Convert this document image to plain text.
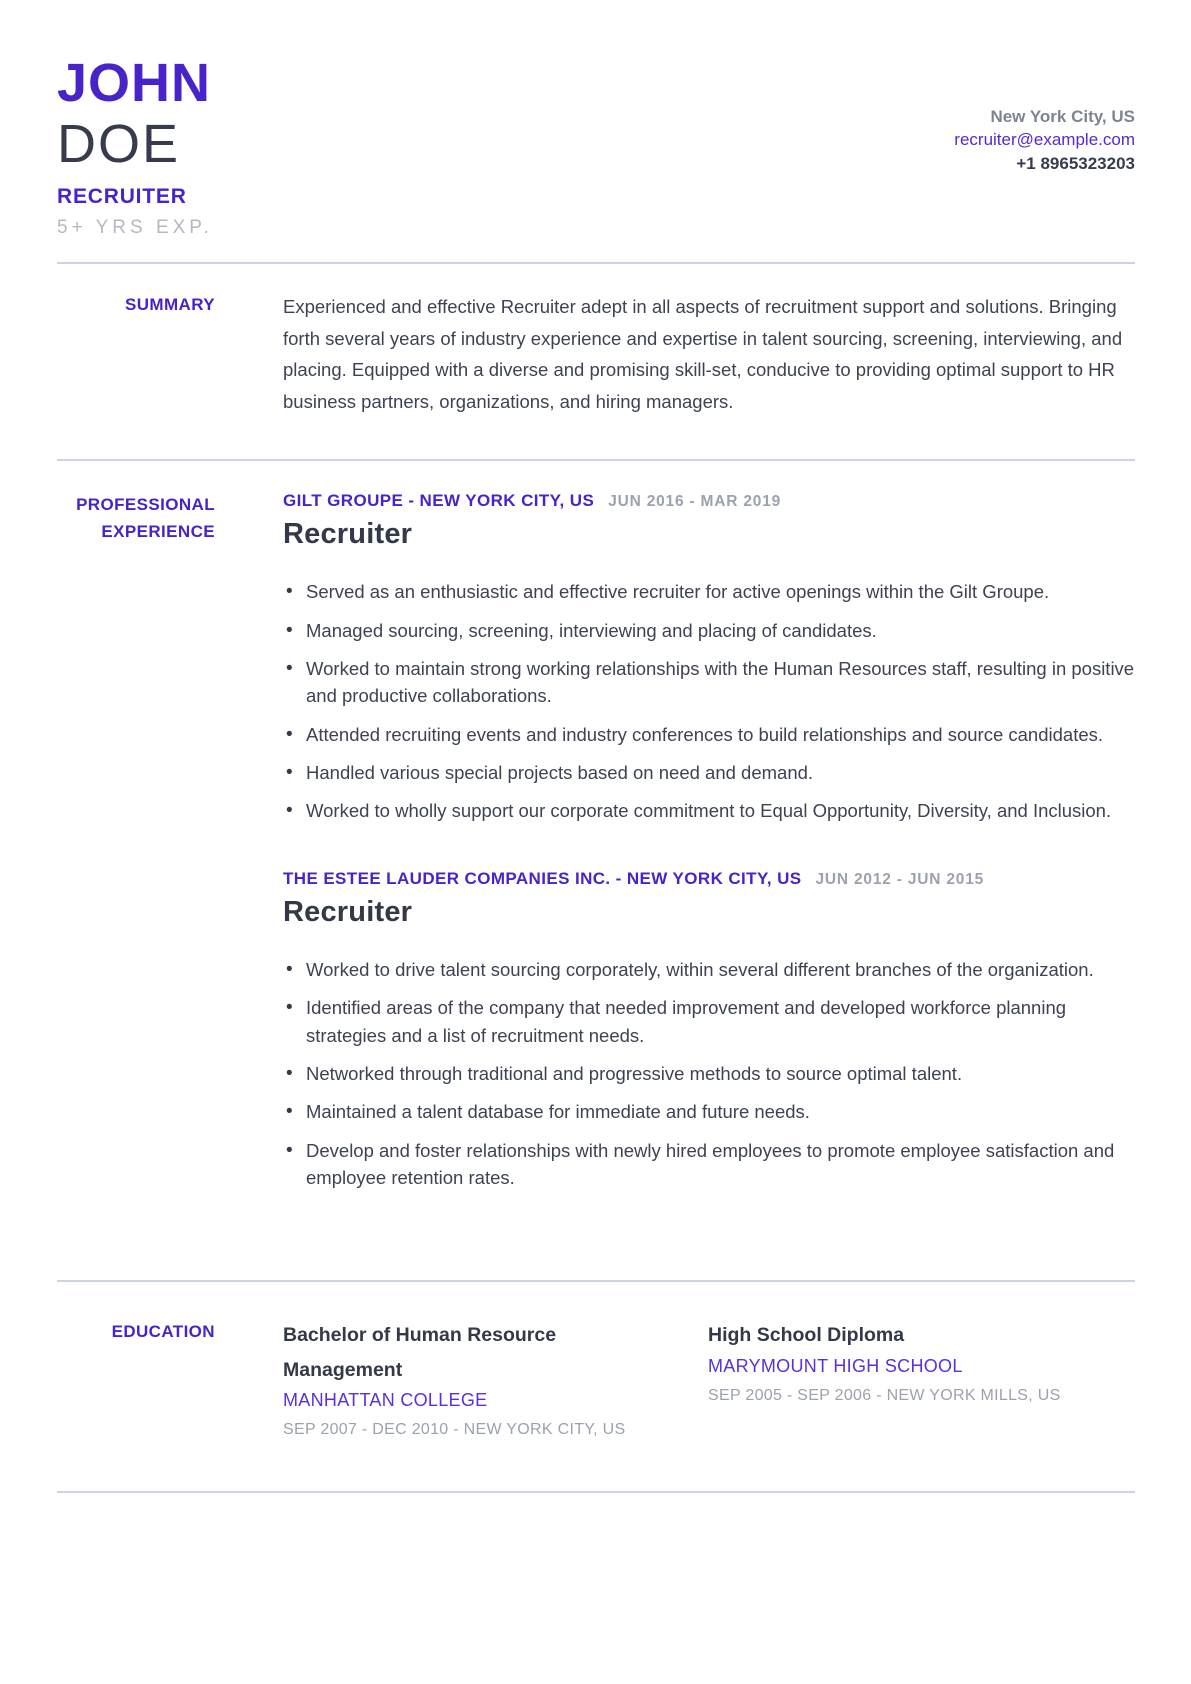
JOHN
DOE
RECRUITER
5+ YRS EXP.
New York City, US
recruiter@example.com
+1 8965323203
SUMMARY	Experienced and effective Recruiter adept in all aspects of recruitment support and solutions. Bringing forth several years of industry experience and expertise in talent sourcing, screening, interviewing, and placing. Equipped with a diverse and promising skill-set, conducive to providing optimal support to HR business partners, organizations, and hiring managers.

PROFESSIONAL EXPERIENCE
GILT GROUPE - NEW YORK CITY, US JUN 2016 - MAR 2019
Recruiter
• Served as an enthusiastic and effective recruiter for active openings within the Gilt Groupe.
• Managed sourcing, screening, interviewing and placing of candidates.
• Worked to maintain strong working relationships with the Human Resources staff, resulting in positive and productive collaborations.
• Attended recruiting events and industry conferences to build relationships and source candidates.
• Handled various special projects based on need and demand.
• Worked to wholly support our corporate commitment to Equal Opportunity, Diversity, and Inclusion.
THE ESTEE LAUDER COMPANIES INC. - NEW YORK CITY, US JUN 2012 - JUN 2015
Recruiter
• Worked to drive talent sourcing corporately, within several different branches of the organization.
• Identified areas of the company that needed improvement and developed workforce planning strategies and a list of recruitment needs.
• Networked through traditional and progressive methods to source optimal talent.
• Maintained a talent database for immediate and future needs.
• Develop and foster relationships with newly hired employees to promote employee satisfaction and employee retention rates.
EDUCATION	Bachelor of Human Resource Management
MANHATTAN COLLEGE
SEP 2007 - DEC 2010 - NEW YORK CITY, US
High School Diploma
MARYMOUNT HIGH SCHOOL
SEP 2005 - SEP 2006 - NEW YORK MILLS, US
